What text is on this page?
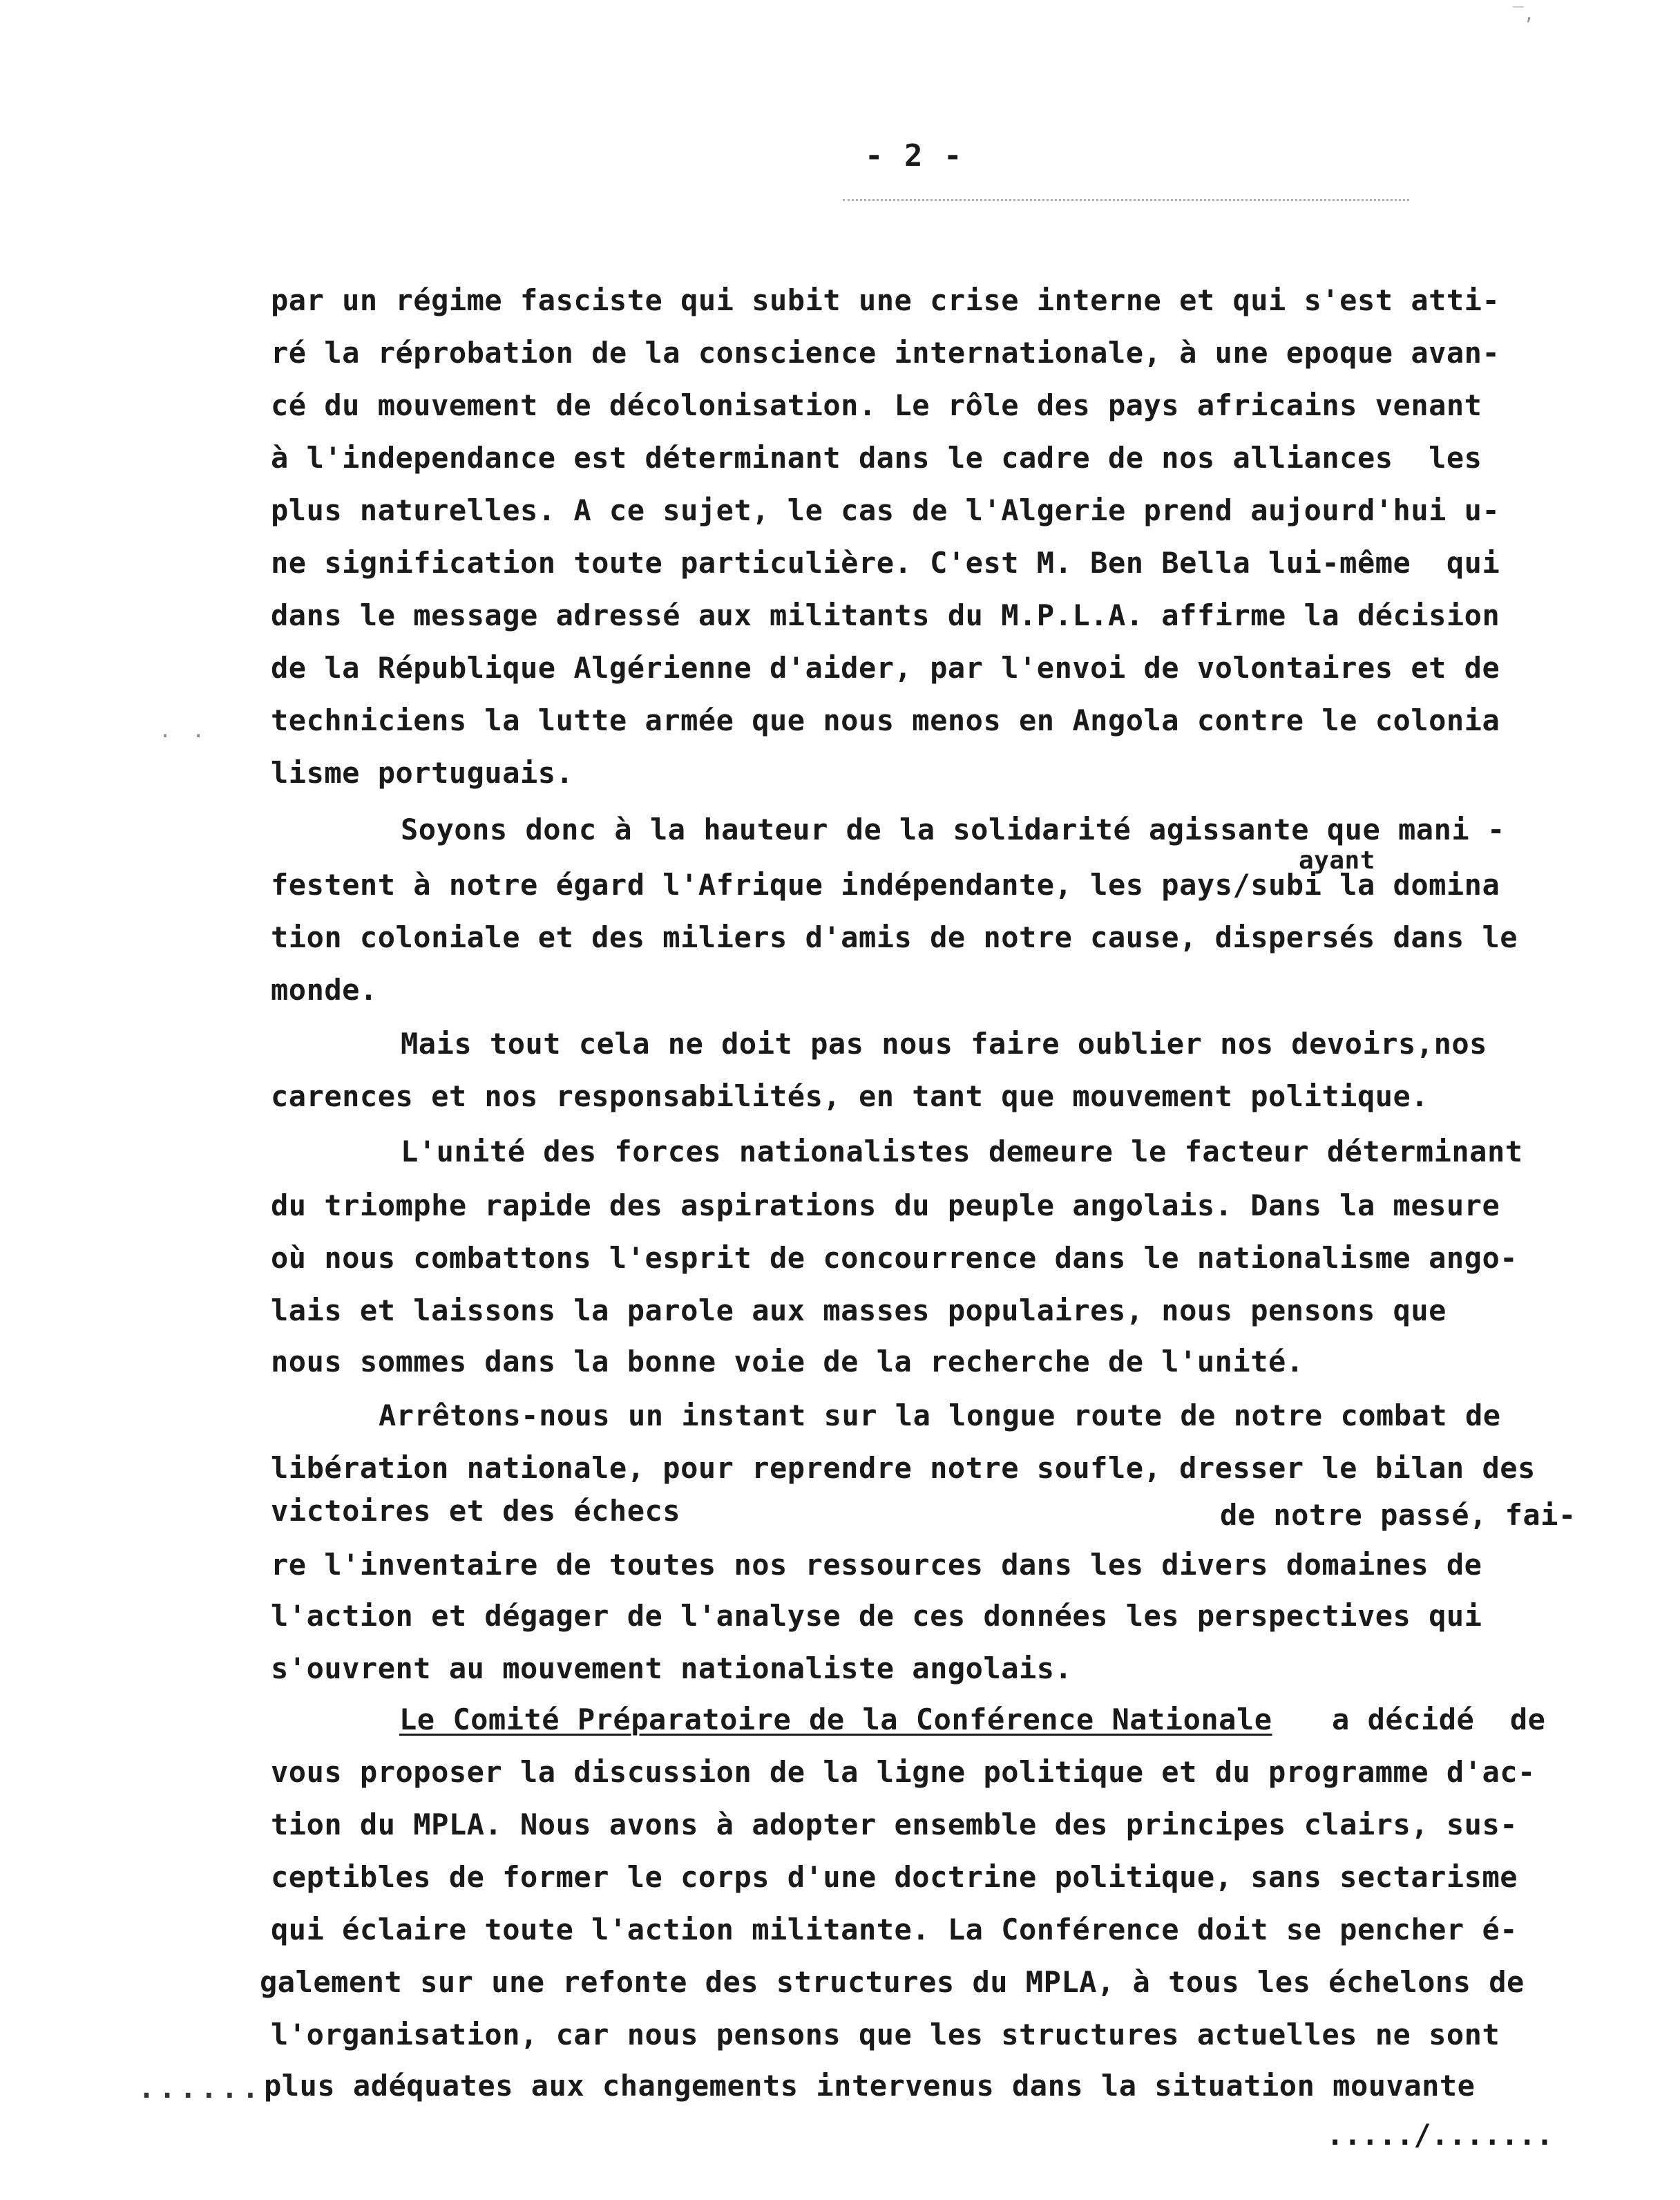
‾,
- 2 -
par un régime fasciste qui subit une crise interne et qui s'est atti-
ré la réprobation de la conscience internationale, à une epoque avan-
cé du mouvement de décolonisation. Le rôle des pays africains venant
à l'independance est déterminant dans le cadre de nos alliances  les
plus naturelles. A ce sujet, le cas de l'Algerie prend aujourd'hui u-
ne signification toute particulière. C'est M. Ben Bella lui-même  qui
dans le message adressé aux militants du M.P.L.A. affirme la décision
de la République Algérienne d'aider, par l'envoi de volontaires et de
techniciens la lutte armée que nous menos en Angola contre le colonia
lisme portuguais.
Soyons donc à la hauteur de la solidarité agissante que mani -
ayant
festent à notre égard l'Afrique indépendante, les pays/subi la domina
tion coloniale et des miliers d'amis de notre cause, dispersés dans le
monde.
Mais tout cela ne doit pas nous faire oublier nos devoirs,nos
carences et nos responsabilités, en tant que mouvement politique.
L'unité des forces nationalistes demeure le facteur déterminant
du triomphe rapide des aspirations du peuple angolais. Dans la mesure
où nous combattons l'esprit de concourrence dans le nationalisme ango-
lais et laissons la parole aux masses populaires, nous pensons que
nous sommes dans la bonne voie de la recherche de l'unité.
Arrêtons-nous un instant sur la longue route de notre combat de
libération nationale, pour reprendre notre soufle, dresser le bilan des
victoires et des échecs	de notre passé, fai-
re l'inventaire de toutes nos ressources dans les divers domaines de
l'action et dégager de l'analyse de ces données les perspectives qui
s'ouvrent au mouvement nationaliste angolais.
Le Comité Préparatoire de la Conférence Nationale a décidé  de
vous proposer la discussion de la ligne politique et du programme d'ac-
tion du MPLA. Nous avons à adopter ensemble des principes clairs, sus-
ceptibles de former le corps d'une doctrine politique, sans sectarisme
qui éclaire toute l'action militante. La Conférence doit se pencher é-
galement sur une refonte des structures du MPLA, à tous les échelons de
l'organisation, car nous pensons que les structures actuelles ne sont
plus adéquates aux changements intervenus dans la situation mouvante
. .
......
...../.......
